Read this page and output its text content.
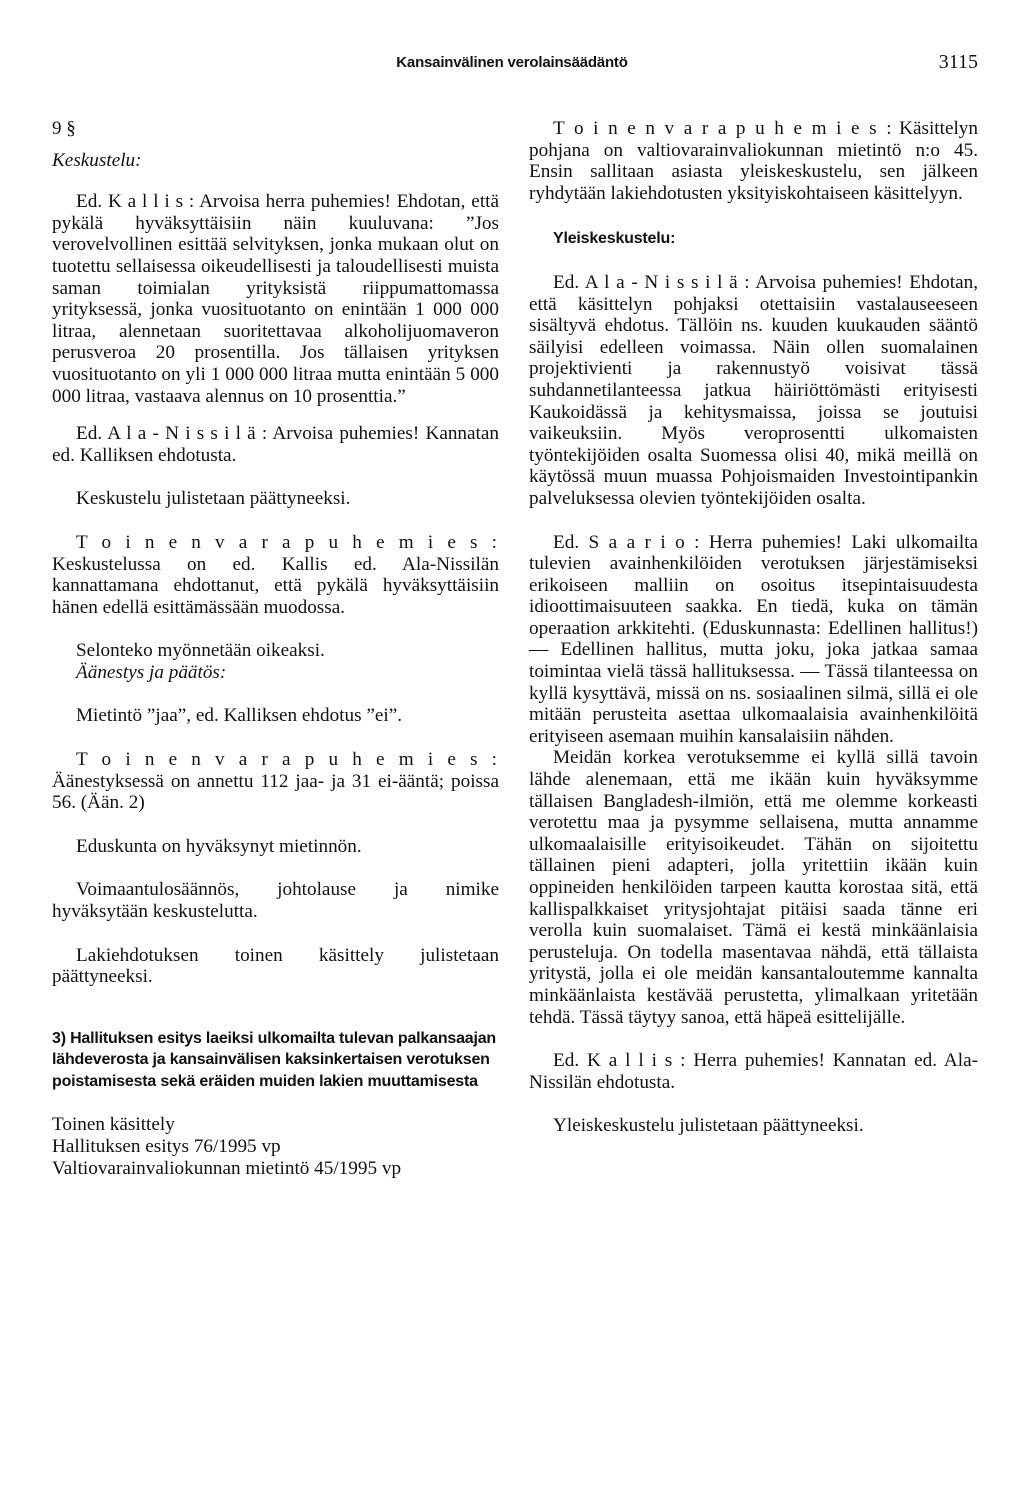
Kansainvälinen verolainsäädäntö	3115

9 §

Keskustelu:

Ed. K a l l i s : Arvoisa herra puhemies! Ehdotan, että pykälä hyväksyttäisiin näin kuuluvana: ”Jos verovelvollinen esittää selvityksen, jonka mukaan olut on tuotettu sellaisessa oikeudellisesti ja taloudellisesti muista saman toimialan yrityksistä riippumattomassa yrityksessä, jonka vuosituotanto on enintään 1 000 000 litraa, alennetaan suoritettavaa alkoholijuomaveron perusveroa 20 prosentilla. Jos tällaisen yrityksen vuosituotanto on yli 1 000 000 litraa mutta enintään 5 000 000 litraa, vastaava alennus on 10 prosenttia.”

Ed. A l a - N i s s i l ä : Arvoisa puhemies! Kannatan ed. Kalliksen ehdotusta.

Keskustelu julistetaan päättyneeksi.

T o i n e n v a r a p u h e m i e s : Keskustelussa on ed. Kallis ed. Ala-Nissilän kannattamana ehdottanut, että pykälä hyväksyttäisiin hänen edellä esittämässään muodossa.

Selonteko myönnetään oikeaksi.

Äänestys ja päätös:

Mietintö ”jaa”, ed. Kalliksen ehdotus ”ei”.

T o i n e n v a r a p u h e m i e s : Äänestyksessä on annettu 112 jaa- ja 31 ei-ääntä; poissa 56. (Ään. 2)

Eduskunta on hyväksynyt mietinnön.

Voimaantulosäännös, johtolause ja nimike hyväksytään keskustelutta.

Lakiehdotuksen toinen käsittely julistetaan päättyneeksi.

3) Hallituksen esitys laeiksi ulkomailta tulevan palkansaajan lähdeverosta ja kansainvälisen kaksinkertaisen verotuksen poistamisesta sekä eräiden muiden lakien muuttamisesta

Toinen käsittely

Hallituksen esitys 76/1995 vp

Valtiovarainvaliokunnan mietintö 45/1995 vp

T o i n e n v a r a p u h e m i e s : Käsittelyn pohjana on valtiovarainvaliokunnan mietintö n:o 45. Ensin sallitaan asiasta yleiskeskustelu, sen jälkeen ryhdytään lakiehdotusten yksityiskohtaiseen käsittelyyn.

Yleiskeskustelu:

Ed. A l a - N i s s i l ä : Arvoisa puhemies! Ehdotan, että käsittelyn pohjaksi otettaisiin vastalauseeseen sisältyvä ehdotus. Tällöin ns. kuuden kuukauden sääntö säilyisi edelleen voimassa. Näin ollen suomalainen projektivienti ja rakennustyö voisivat tässä suhdannetilanteessa jatkua häiriöttömästi erityisesti Kaukoidässä ja kehitysmaissa, joissa se joutuisi vaikeuksiin. Myös veroprosentti ulkomaisten työntekijöiden osalta Suomessa olisi 40, mikä meillä on käytössä muun muassa Pohjoismaiden Investointipankin palveluksessa olevien työntekijöiden osalta.

Ed. S a a r i o : Herra puhemies! Laki ulkomailta tulevien avainhenkilöiden verotuksen järjestämiseksi erikoiseen malliin on osoitus itsepintaisuudesta idioottimaisuuteen saakka. En tiedä, kuka on tämän operaation arkkitehti. (Eduskunnasta: Edellinen hallitus!) — Edellinen hallitus, mutta joku, joka jatkaa samaa toimintaa vielä tässä hallituksessa. — Tässä tilanteessa on kyllä kysyttävä, missä on ns. sosiaalinen silmä, sillä ei ole mitään perusteita asettaa ulkomaalaisia avainhenkilöitä erityiseen asemaan muihin kansalaisiin nähden.

Meidän korkea verotuksemme ei kyllä sillä tavoin lähde alenemaan, että me ikään kuin hyväksymme tällaisen Bangladesh-ilmiön, että me olemme korkeasti verotettu maa ja pysymme sellaisena, mutta annamme ulkomaalaisille erityisoikeudet. Tähän on sijoitettu tällainen pieni adapteri, jolla yritettiin ikään kuin oppineiden henkilöiden tarpeen kautta korostaa sitä, että kallispalkkaiset yritysjohtajat pitäisi saada tänne eri verolla kuin suomalaiset. Tämä ei kestä minkäänlaisia perusteluja. On todella masentavaa nähdä, että tällaista yritystä, jolla ei ole meidän kansantaloutemme kannalta minkäänlaista kestävää perustetta, ylimalkaan yritetään tehdä. Tässä täytyy sanoa, että häpeä esittelijälle.

Ed. K a l l i s : Herra puhemies! Kannatan ed. Ala-Nissilän ehdotusta.

Yleiskeskustelu julistetaan päättyneeksi.
